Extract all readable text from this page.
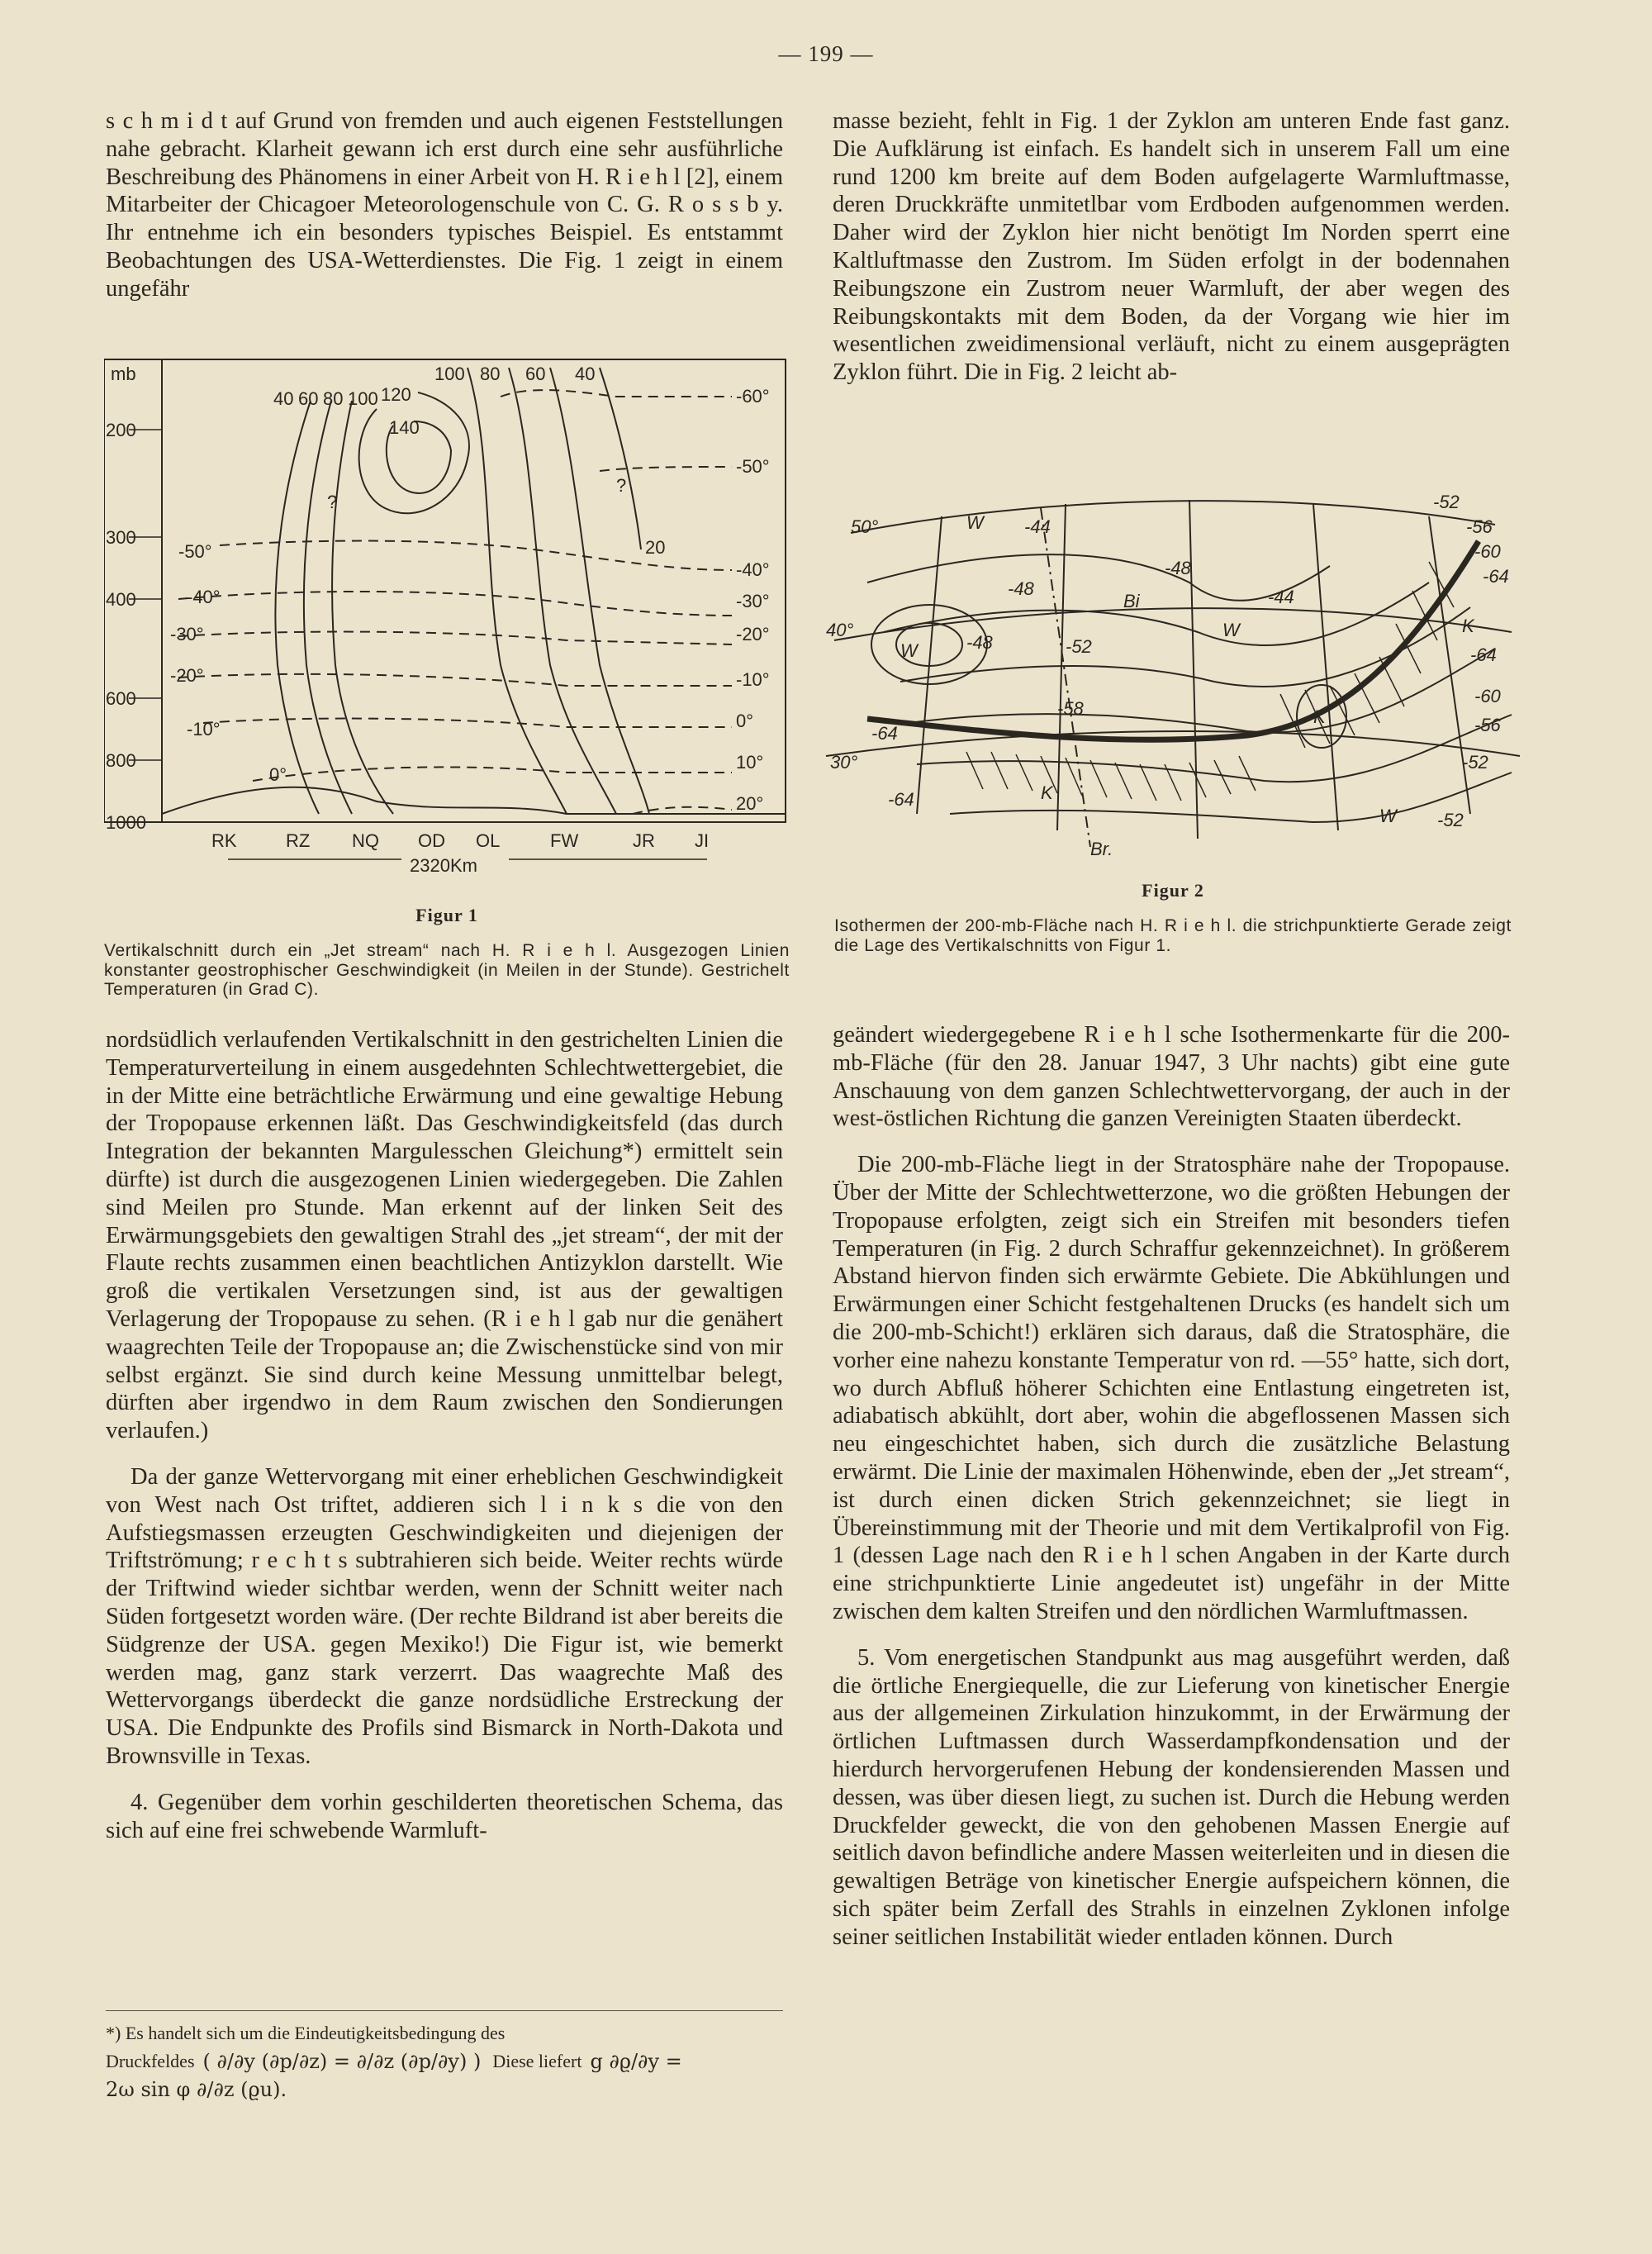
— 199 —

s c h m i d t auf Grund von fremden und auch eigenen Feststellungen nahe gebracht. Klarheit gewann ich erst durch eine sehr ausführliche Beschreibung des Phänomens in einer Arbeit von H. R i e h l [2], einem Mitarbeiter der Chicagoer Meteorologenschule von C. G. R o s s b y. Ihr entnehme ich ein besonders typisches Beispiel. Es entstammt Beobachtungen des USA-Wetterdienstes. Die Fig. 1 zeigt in einem ungefähr

mb
200
300
400
600
800
1000
RK	RZ NQ OD OL	FW	JR JI
2320Km
40 60 80 100 120
140
100 80 60 40
20
?
?
-50°
-40°
-30°
-20°
-10°
0°
-60°
-50°
-40°
-30°
-20°
-10°
0°
10°
20°
Figur 1
Vertikalschnitt durch ein „Jet stream“ nach H. R i e h l. Ausgezogen Linien konstanter geostrophischer Geschwindigkeit (in Meilen in der Stunde). Gestrichelt Temperaturen (in Grad C).

nordsüdlich verlaufenden Vertikalschnitt in den gestrichelten Linien die Temperaturverteilung in einem ausgedehnten Schlechtwettergebiet, die in der Mitte eine beträchtliche Erwärmung und eine gewaltige Hebung der Tropopause erkennen läßt. Das Geschwindigkeitsfeld (das durch Integration der bekannten Margulesschen Gleichung*) ermittelt sein dürfte) ist durch die ausgezogenen Linien wiedergegeben. Die Zahlen sind Meilen pro Stunde. Man erkennt auf der linken Seit des Erwärmungsgebiets den gewaltigen Strahl des „jet stream“, der mit der Flaute rechts zusammen einen beachtlichen Antizyklon darstellt. Wie groß die vertikalen Versetzungen sind, ist aus der gewaltigen Verlagerung der Tropopause zu sehen. (R i e h l gab nur die genähert waagrechten Teile der Tropopause an; die Zwischenstücke sind von mir selbst ergänzt. Sie sind durch keine Messung unmittelbar belegt, dürften aber irgendwo in dem Raum zwischen den Sondierungen verlaufen.)

Da der ganze Wettervorgang mit einer erheblichen Geschwindigkeit von West nach Ost triftet, addieren sich l i n k s die von den Aufstiegsmassen erzeugten Geschwindigkeiten und diejenigen der Triftströmung; r e c h t s subtrahieren sich beide. Weiter rechts würde der Triftwind wieder sichtbar werden, wenn der Schnitt weiter nach Süden fortgesetzt worden wäre. (Der rechte Bildrand ist aber bereits die Südgrenze der USA. gegen Mexiko!) Die Figur ist, wie bemerkt werden mag, ganz stark verzerrt. Das waagrechte Maß des Wettervorgangs überdeckt die ganze nordsüdliche Erstreckung der USA. Die Endpunkte des Profils sind Bismarck in North-Dakota und Brownsville in Texas.

4. Gegenüber dem vorhin geschilderten theoretischen Schema, das sich auf eine frei schwebende Warmluft-

*) Es handelt sich um die Eindeutigkeitsbedingung des
Druckfeldes ( ∂/∂y (∂p/∂z) = ∂/∂z (∂p/∂y) ) Diese liefert g ∂ϱ/∂y =
2ω sin φ ∂/∂z (ϱu).

masse bezieht, fehlt in Fig. 1 der Zyklon am unteren Ende fast ganz. Die Aufklärung ist einfach. Es handelt sich in unserem Fall um eine rund 1200 km breite auf dem Boden aufgelagerte Warmluftmasse, deren Druckkräfte unmitetlbar vom Erdboden aufgenommen werden. Daher wird der Zyklon hier nicht benötigt Im Norden sperrt eine Kaltluftmasse den Zustrom. Im Süden erfolgt in der bodennahen Reibungszone ein Zustrom neuer Warmluft, der aber wegen des Reibungskontakts mit dem Boden, da der Vorgang wie hier im wesentlichen zweidimensional verläuft, nicht zu einem ausgeprägten Zyklon führt. Die in Fig. 2 leicht ab-

50°
40°
30°
-44
-48
-48
-48	-52
-58
-64
-64
-52
-56
-60
-64
-64
-60
-56
-52
-52
-44
W
W
W
W
K
K
K
Bi
Br.
Figur 2
Isothermen der 200-mb-Fläche nach H. R i e h l. die strichpunktierte Gerade zeigt die Lage des Vertikalschnitts von Figur 1.

geändert wiedergegebene R i e h l sche Isothermenkarte für die 200-mb-Fläche (für den 28. Januar 1947, 3 Uhr nachts) gibt eine gute Anschauung von dem ganzen Schlechtwettervorgang, der auch in der west-östlichen Richtung die ganzen Vereinigten Staaten überdeckt.

Die 200-mb-Fläche liegt in der Stratosphäre nahe der Tropopause. Über der Mitte der Schlechtwetterzone, wo die größten Hebungen der Tropopause erfolgten, zeigt sich ein Streifen mit besonders tiefen Temperaturen (in Fig. 2 durch Schraffur gekennzeichnet). In größerem Abstand hiervon finden sich erwärmte Gebiete. Die Abkühlungen und Erwärmungen einer Schicht festgehaltenen Drucks (es handelt sich um die 200-mb-Schicht!) erklären sich daraus, daß die Stratosphäre, die vorher eine nahezu konstante Temperatur von rd. —55° hatte, sich dort, wo durch Abfluß höherer Schichten eine Entlastung eingetreten ist, adiabatisch abkühlt, dort aber, wohin die abgeflossenen Massen sich neu eingeschichtet haben, sich durch die zusätzliche Belastung erwärmt. Die Linie der maximalen Höhenwinde, eben der „Jet stream“, ist durch einen dicken Strich gekennzeichnet; sie liegt in Übereinstimmung mit der Theorie und mit dem Vertikalprofil von Fig. 1 (dessen Lage nach den R i e h l schen Angaben in der Karte durch eine strichpunktierte Linie angedeutet ist) ungefähr in der Mitte zwischen dem kalten Streifen und den nördlichen Warmluftmassen.

5. Vom energetischen Standpunkt aus mag ausgeführt werden, daß die örtliche Energiequelle, die zur Lieferung von kinetischer Energie aus der allgemeinen Zirkulation hinzukommt, in der Erwärmung der örtlichen Luftmassen durch Wasserdampfkondensation und der hierdurch hervorgerufenen Hebung der kondensierenden Massen und dessen, was über diesen liegt, zu suchen ist. Durch die Hebung werden Druckfelder geweckt, die von den gehobenen Massen Energie auf seitlich davon befindliche andere Massen weiterleiten und in diesen die gewaltigen Beträge von kinetischer Energie aufspeichern können, die sich später beim Zerfall des Strahls in einzelnen Zyklonen infolge seiner seitlichen Instabilität wieder entladen können. Durch
